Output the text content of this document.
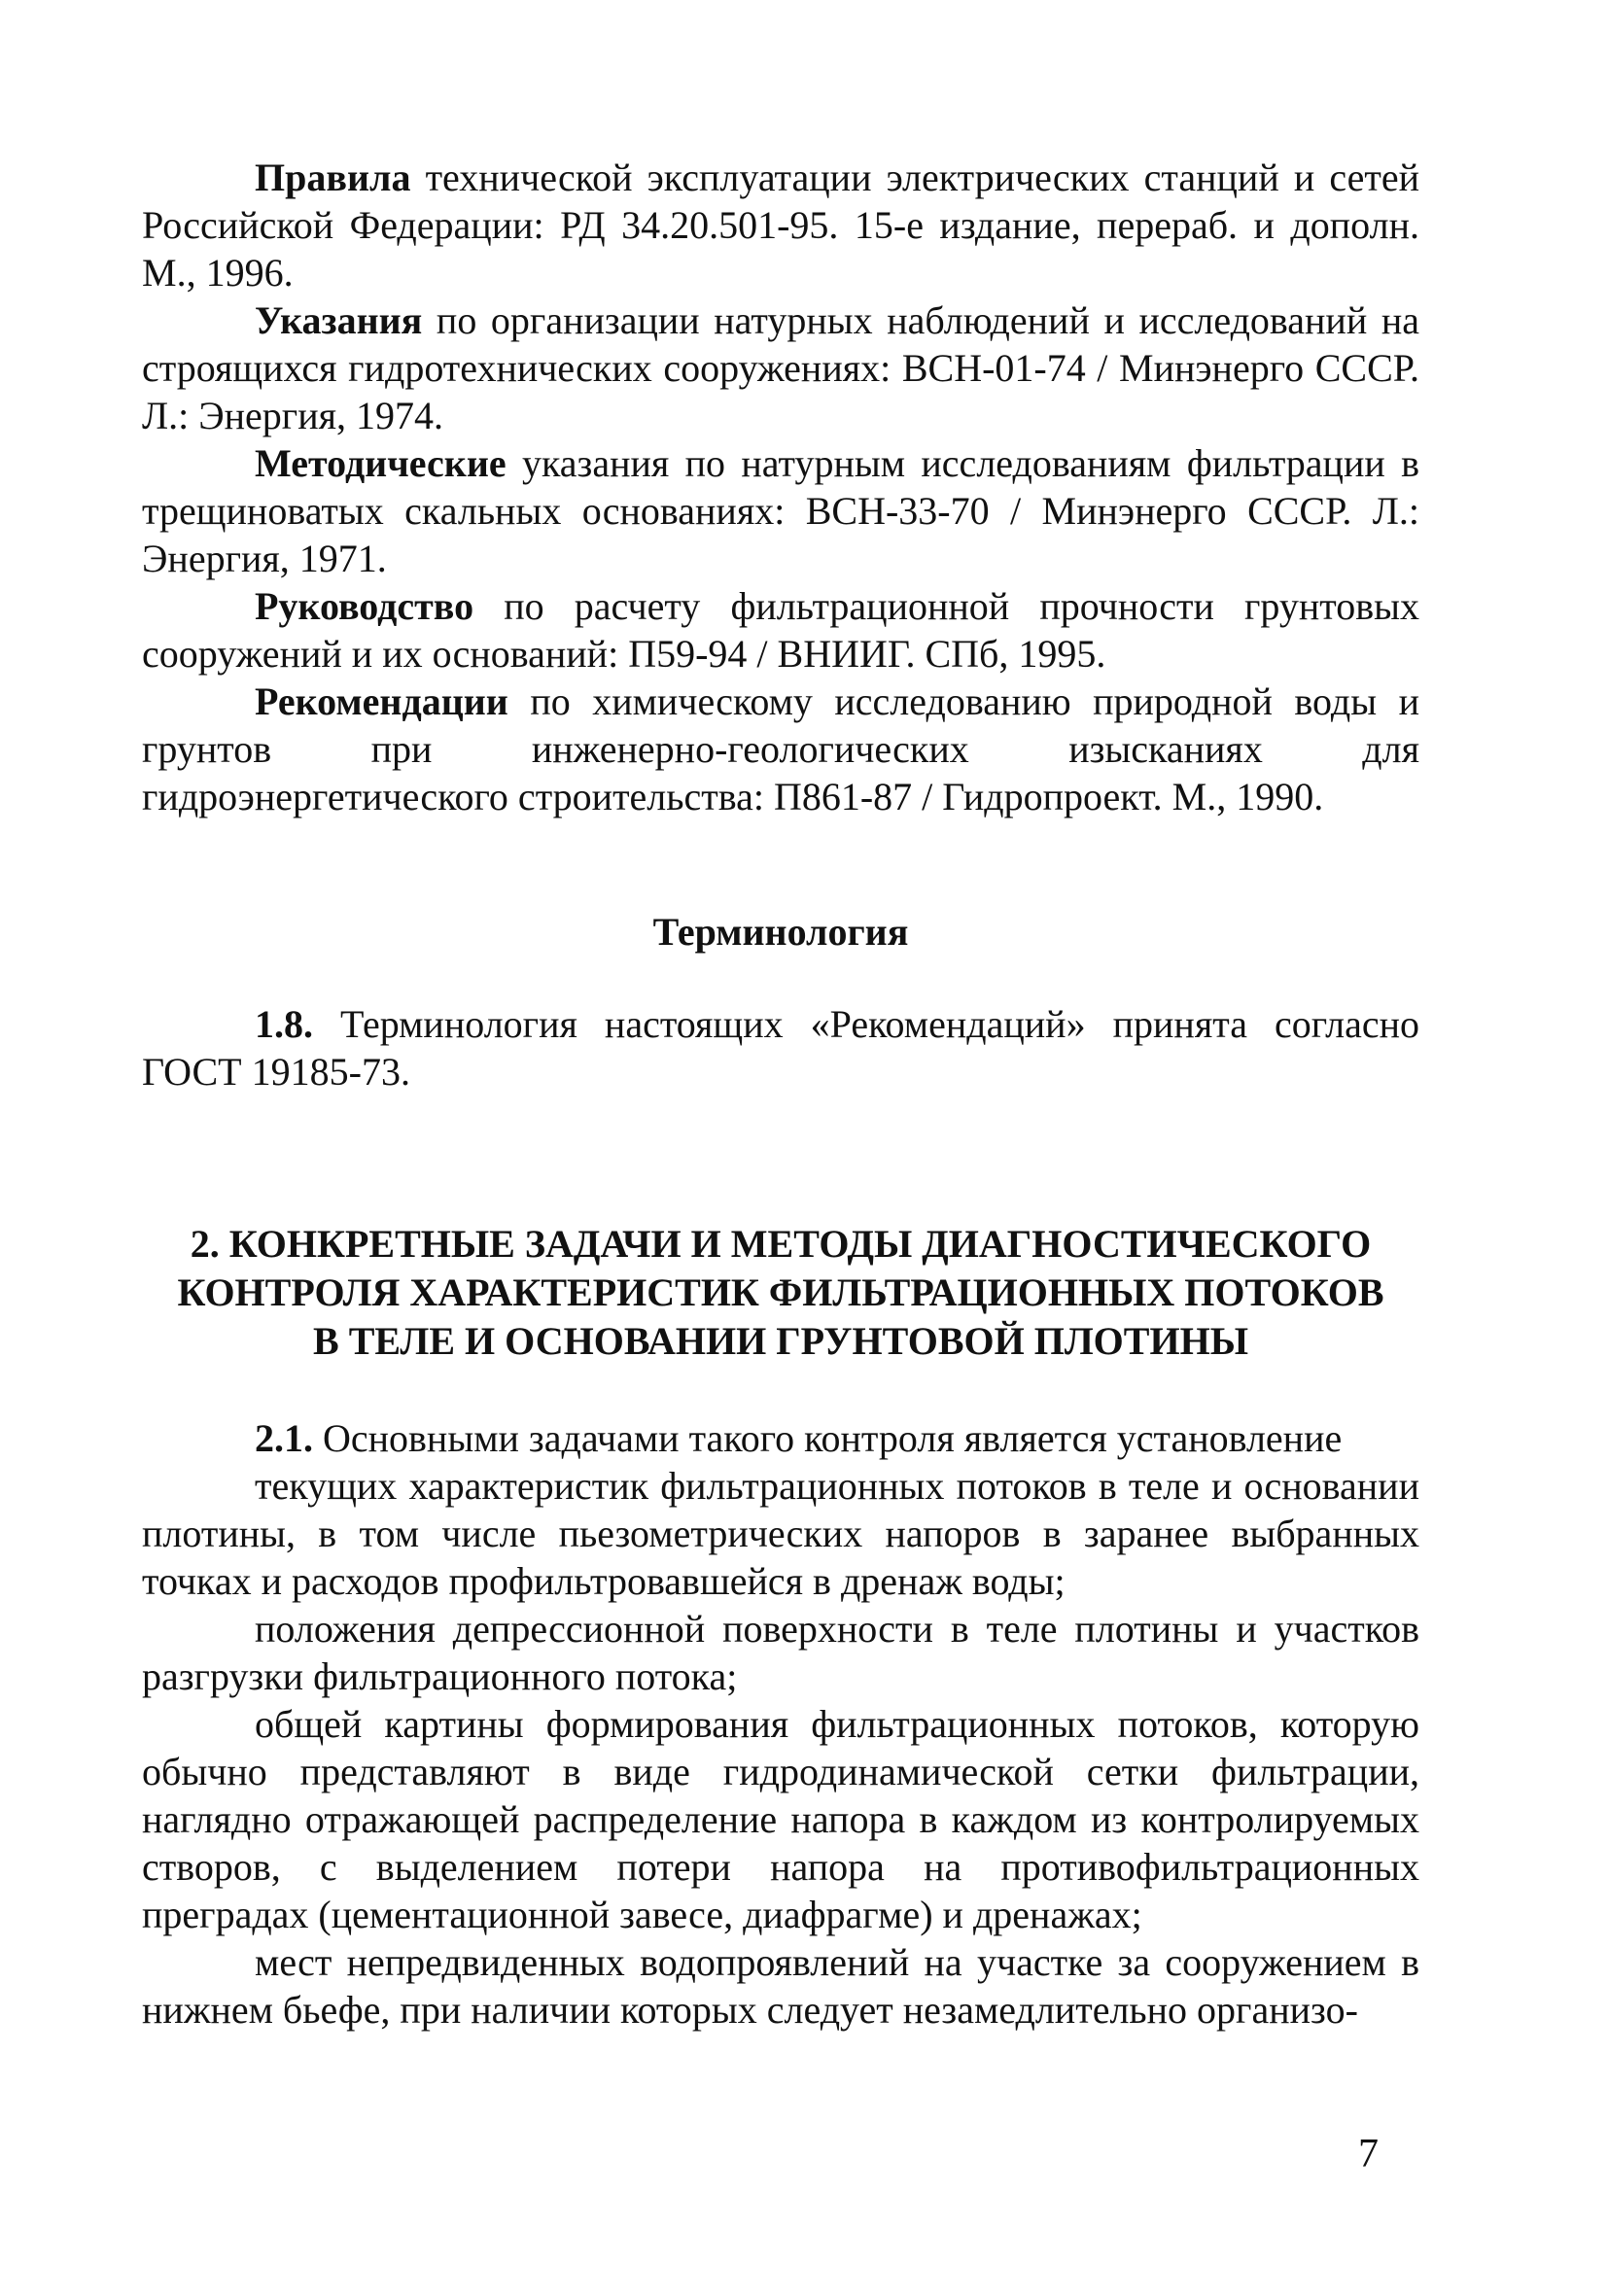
Правила технической эксплуатации электрических станций и сетей Российской Федерации: РД 34.20.501-95. 15-е издание, перераб. и дополн. М., 1996.

Указания по организации натурных наблюдений и исследований на строящихся гидротехнических сооружениях: ВСН-01-74 / Минэнерго СССР. Л.: Энергия, 1974.

Методические указания по натурным исследованиям фильтрации в трещиноватых скальных основаниях: ВСН-33-70 / Минэнерго СССР. Л.: Энергия, 1971.

Руководство по расчету фильтрационной прочности грунтовых сооружений и их оснований: П59-94 / ВНИИГ. СПб, 1995.

Рекомендации по химическому исследованию природной воды и грунтов при инженерно-геологических изысканиях для гидроэнергетического строительства: П861-87 / Гидропроект. М., 1990.

Терминология

1.8. Терминология настоящих «Рекомендаций» принята согласно ГОСТ 19185-73.

2. КОНКРЕТНЫЕ ЗАДАЧИ И МЕТОДЫ ДИАГНОСТИЧЕСКОГО
КОНТРОЛЯ ХАРАКТЕРИСТИК ФИЛЬТРАЦИОННЫХ ПОТОКОВ
В ТЕЛЕ И ОСНОВАНИИ ГРУНТОВОЙ ПЛОТИНЫ

2.1. Основными задачами такого контроля является установление

текущих характеристик фильтрационных потоков в теле и основании плотины, в том числе пьезометрических напоров в заранее выбранных точках и расходов профильтровавшейся в дренаж воды;

положения депрессионной поверхности в теле плотины и участков разгрузки фильтрационного потока;

общей картины формирования фильтрационных потоков, которую обычно представляют в виде гидродинамической сетки фильтрации, наглядно отражающей распределение напора в каждом из контролируемых створов, с выделением потери напора на противофильтрационных преградах (цементационной завесе, диафрагме) и дренажах;

мест непредвиденных водопроявлений на участке за сооружением в нижнем бьефе, при наличии которых следует незамедлительно организо-

7
